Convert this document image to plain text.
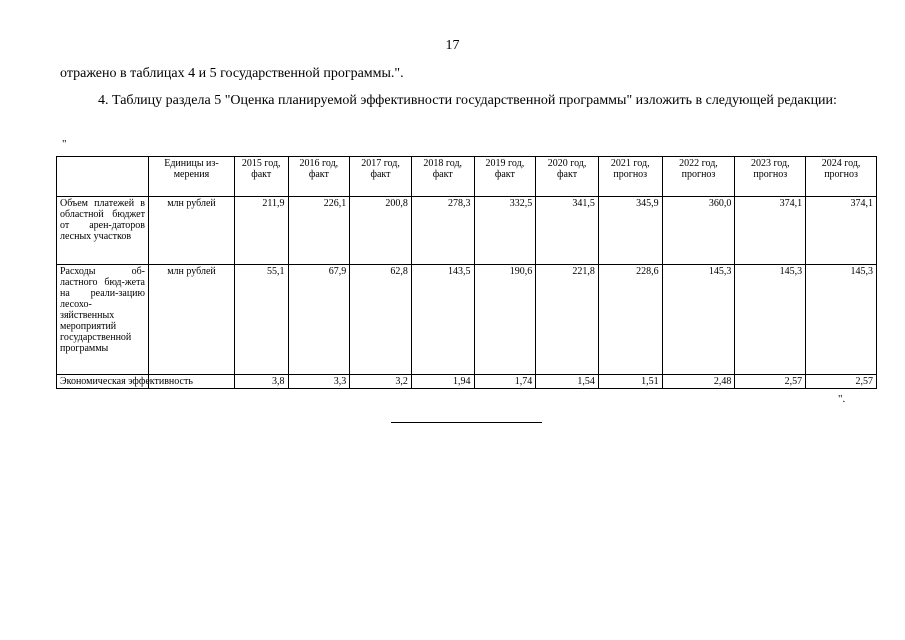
17
отражено в таблицах 4 и 5 государственной программы.".
4. Таблицу раздела 5 "Оценка планируемой эффективности государственной программы" изложить в следующей редакции:
"
	Единицы из-мерения	2015 год, факт	2016 год, факт	2017 год, факт	2018 год, факт	2019 год, факт	2020 год, факт	2021 год, прогноз	2022 год, прогноз	2023 год, прогноз	2024 год, прогноз
Объем платежей в областной бюджет от арен-даторов лесных участков	млн рублей	211,9	226,1	200,8	278,3	332,5	341,5	345,9	360,0	374,1	374,1
Расходы об-ластного бюд-жета на реали-зацию лесохо-зяйственных мероприятий государственной программы	млн рублей	55,1	67,9	62,8	143,5	190,6	221,8	228,6	145,3	145,3	145,3
Экономическая эффективность		3,8	3,3	3,2	1,94	1,74	1,54	1,51	2,48	2,57	2,57
".
